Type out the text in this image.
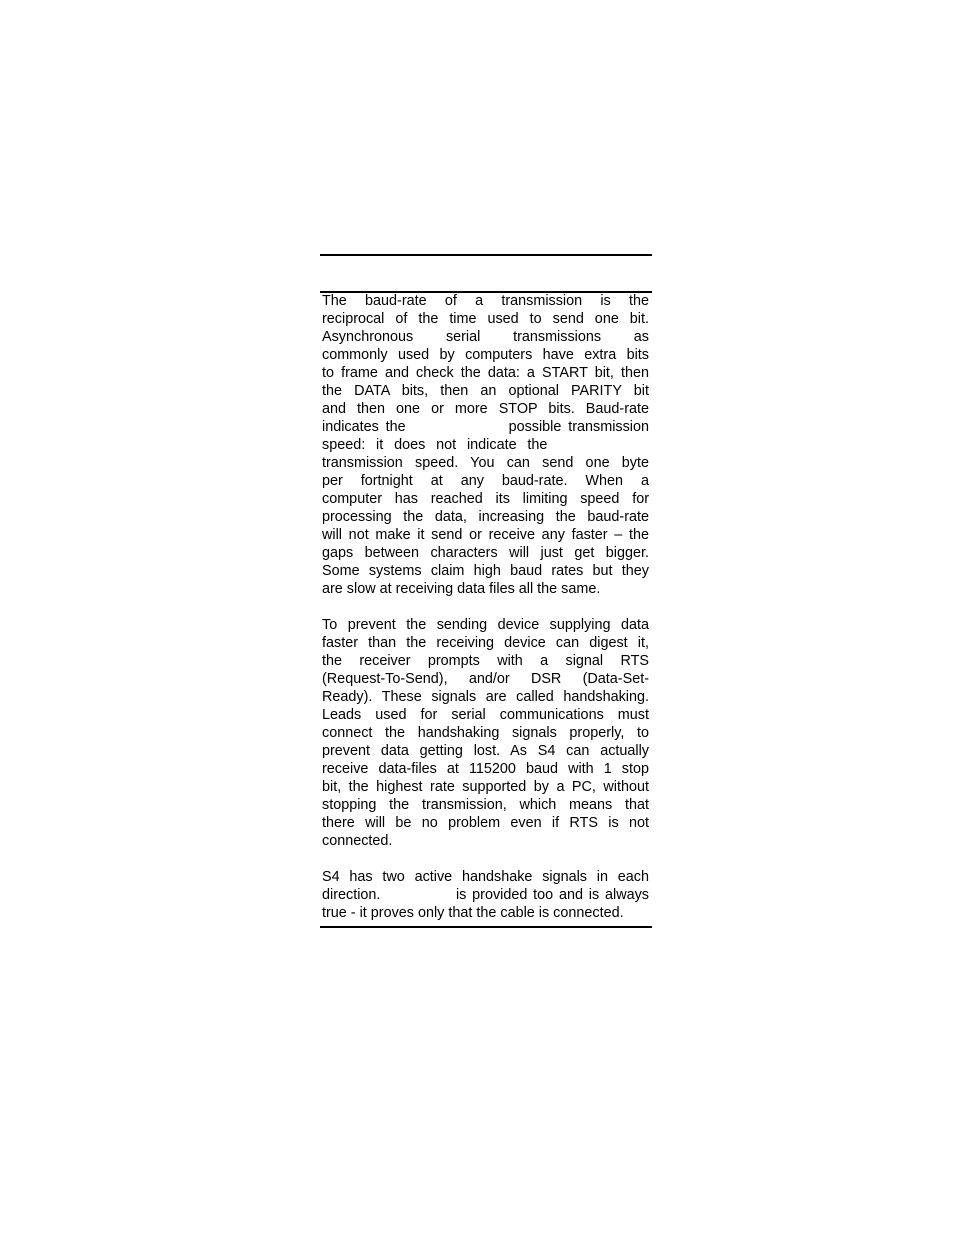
The baud-rate of a transmission is the
reciprocal of the time used to send one bit.
Asynchronous serial transmissions as
commonly used by computers have extra bits
to frame and check the data: a START bit, then
the DATA bits, then an optional PARITY bit
and then one or more STOP bits. Baud-rate
indicates the               possible transmission
speed: it does not indicate the
transmission speed. You can send one byte
per fortnight at any baud-rate. When a
computer has reached its limiting speed for
processing the data, increasing the baud-rate
will not make it send or receive any faster – the
gaps between characters will just get bigger.
Some systems claim high baud rates but they
are slow at receiving data files all the same.

To prevent the sending device supplying data
faster than the receiving device can digest it,
the receiver prompts with a signal RTS
(Request-To-Send), and/or DSR (Data-Set-
Ready). These signals are called handshaking.
Leads used for serial communications must
connect the handshaking signals properly, to
prevent data getting lost. As S4 can actually
receive data-files at 115200 baud with 1 stop
bit, the highest rate supported by a PC, without
stopping the transmission, which means that
there will be no problem even if RTS is not
connected.

S4 has two active handshake signals in each
direction.             is provided too and is always
true - it proves only that the cable is connected.
